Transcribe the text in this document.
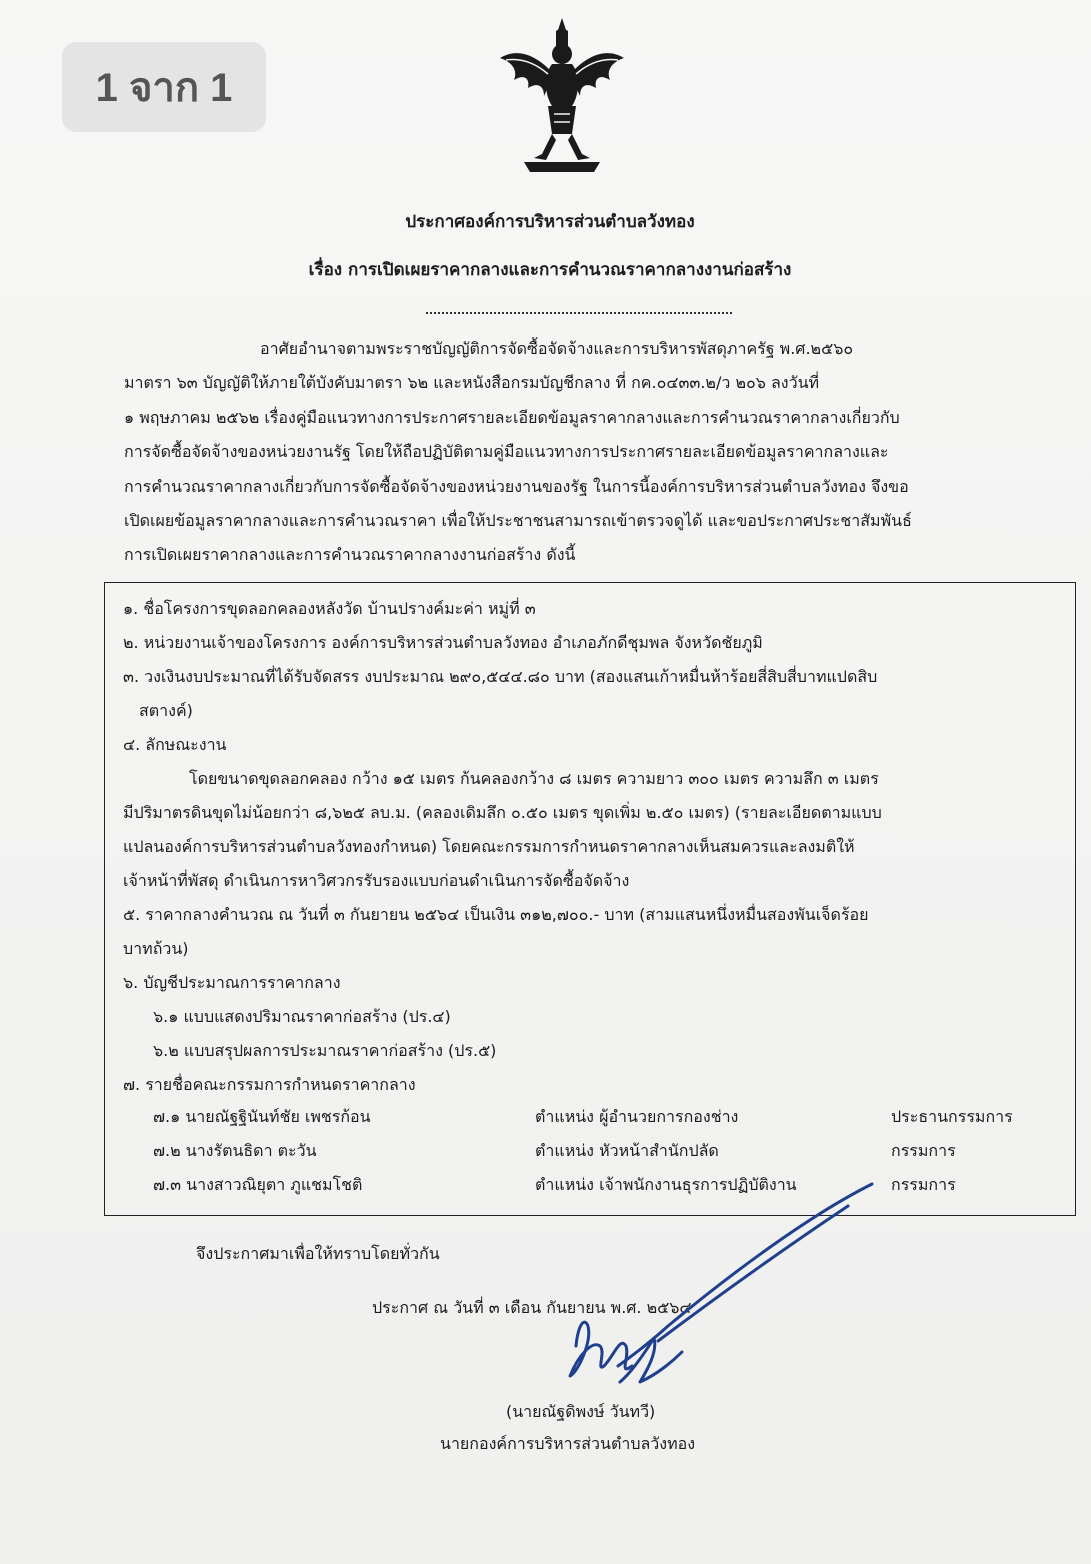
1 จาก 1
ประกาศองค์การบริหารส่วนตำบลวังทอง
เรื่อง การเปิดเผยราคากลางและการคำนวณราคากลางงานก่อสร้าง

อาศัยอำนาจตามพระราชบัญญัติการจัดซื้อจัดจ้างและการบริหารพัสดุภาครัฐ พ.ศ.๒๕๖๐

มาตรา ๖๓ บัญญัติให้ภายใต้บังคับมาตรา ๖๒ และหนังสือกรมบัญชีกลาง ที่ กค.๐๔๓๓.๒/ว ๒๐๖ ลงวันที่

๑ พฤษภาคม ๒๕๖๒ เรื่องคู่มือแนวทางการประกาศรายละเอียดข้อมูลราคากลางและการคำนวณราคากลางเกี่ยวกับ

การจัดซื้อจัดจ้างของหน่วยงานรัฐ โดยให้ถือปฏิบัติตามคู่มือแนวทางการประกาศรายละเอียดข้อมูลราคากลางและ

การคำนวณราคากลางเกี่ยวกับการจัดซื้อจัดจ้างของหน่วยงานของรัฐ ในการนี้องค์การบริหารส่วนตำบลวังทอง จึงขอ

เปิดเผยข้อมูลราคากลางและการคำนวณราคา เพื่อให้ประชาชนสามารถเข้าตรวจดูได้ และขอประกาศประชาสัมพันธ์

การเปิดเผยราคากลางและการคำนวณราคากลางงานก่อสร้าง ดังนี้

๑. ชื่อโครงการขุดลอกคลองหลังวัด บ้านปรางค์มะค่า หมู่ที่ ๓
๒. หน่วยงานเจ้าของโครงการ องค์การบริหารส่วนตำบลวังทอง อำเภอภักดีชุมพล จังหวัดชัยภูมิ
๓. วงเงินงบประมาณที่ได้รับจัดสรร งบประมาณ ๒๙๐,๕๔๔.๘๐ บาท (สองแสนเก้าหมื่นห้าร้อยสี่สิบสี่บาทแปดสิบ
สตางค์)
๔. ลักษณะงาน
โดยขนาดขุดลอกคลอง กว้าง ๑๕ เมตร ก้นคลองกว้าง ๘ เมตร ความยาว ๓๐๐ เมตร ความลึก ๓ เมตร
มีปริมาตรดินขุดไม่น้อยกว่า ๘,๖๒๕ ลบ.ม. (คลองเดิมลึก ๐.๕๐ เมตร ขุดเพิ่ม ๒.๕๐ เมตร) (รายละเอียดตามแบบ
แปลนองค์การบริหารส่วนตำบลวังทองกำหนด) โดยคณะกรรมการกำหนดราคากลางเห็นสมควรและลงมติให้
เจ้าหน้าที่พัสดุ ดำเนินการหาวิศวกรรับรองแบบก่อนดำเนินการจัดซื้อจัดจ้าง
๕. ราคากลางคำนวณ ณ วันที่ ๓ กันยายน ๒๕๖๔ เป็นเงิน ๓๑๒,๗๐๐.- บาท (สามแสนหนึ่งหมื่นสองพันเจ็ดร้อย
บาทถ้วน)
๖. บัญชีประมาณการราคากลาง
๖.๑ แบบแสดงปริมาณราคาก่อสร้าง (ปร.๔)
๖.๒ แบบสรุปผลการประมาณราคาก่อสร้าง (ปร.๕)
๗. รายชื่อคณะกรรมการกำหนดราคากลาง
๗.๑ นายณัฐฐินันท์ชัย เพชรก้อน	ตำแหน่ง ผู้อำนวยการกองช่าง	ประธานกรรมการ
๗.๒ นางรัตนธิดา ตะวัน	ตำแหน่ง หัวหน้าสำนักปลัด	กรรมการ
๗.๓ นางสาวณิยุตา ภูแชมโชติ	ตำแหน่ง เจ้าพนักงานธุรการปฏิบัติงาน	กรรมการ
จึงประกาศมาเพื่อให้ทราบโดยทั่วกัน
ประกาศ ณ วันที่ ๓ เดือน กันยายน พ.ศ. ๒๕๖๔
(นายณัฐดิพงษ์ วันทวี)
นายกองค์การบริหารส่วนตำบลวังทอง
